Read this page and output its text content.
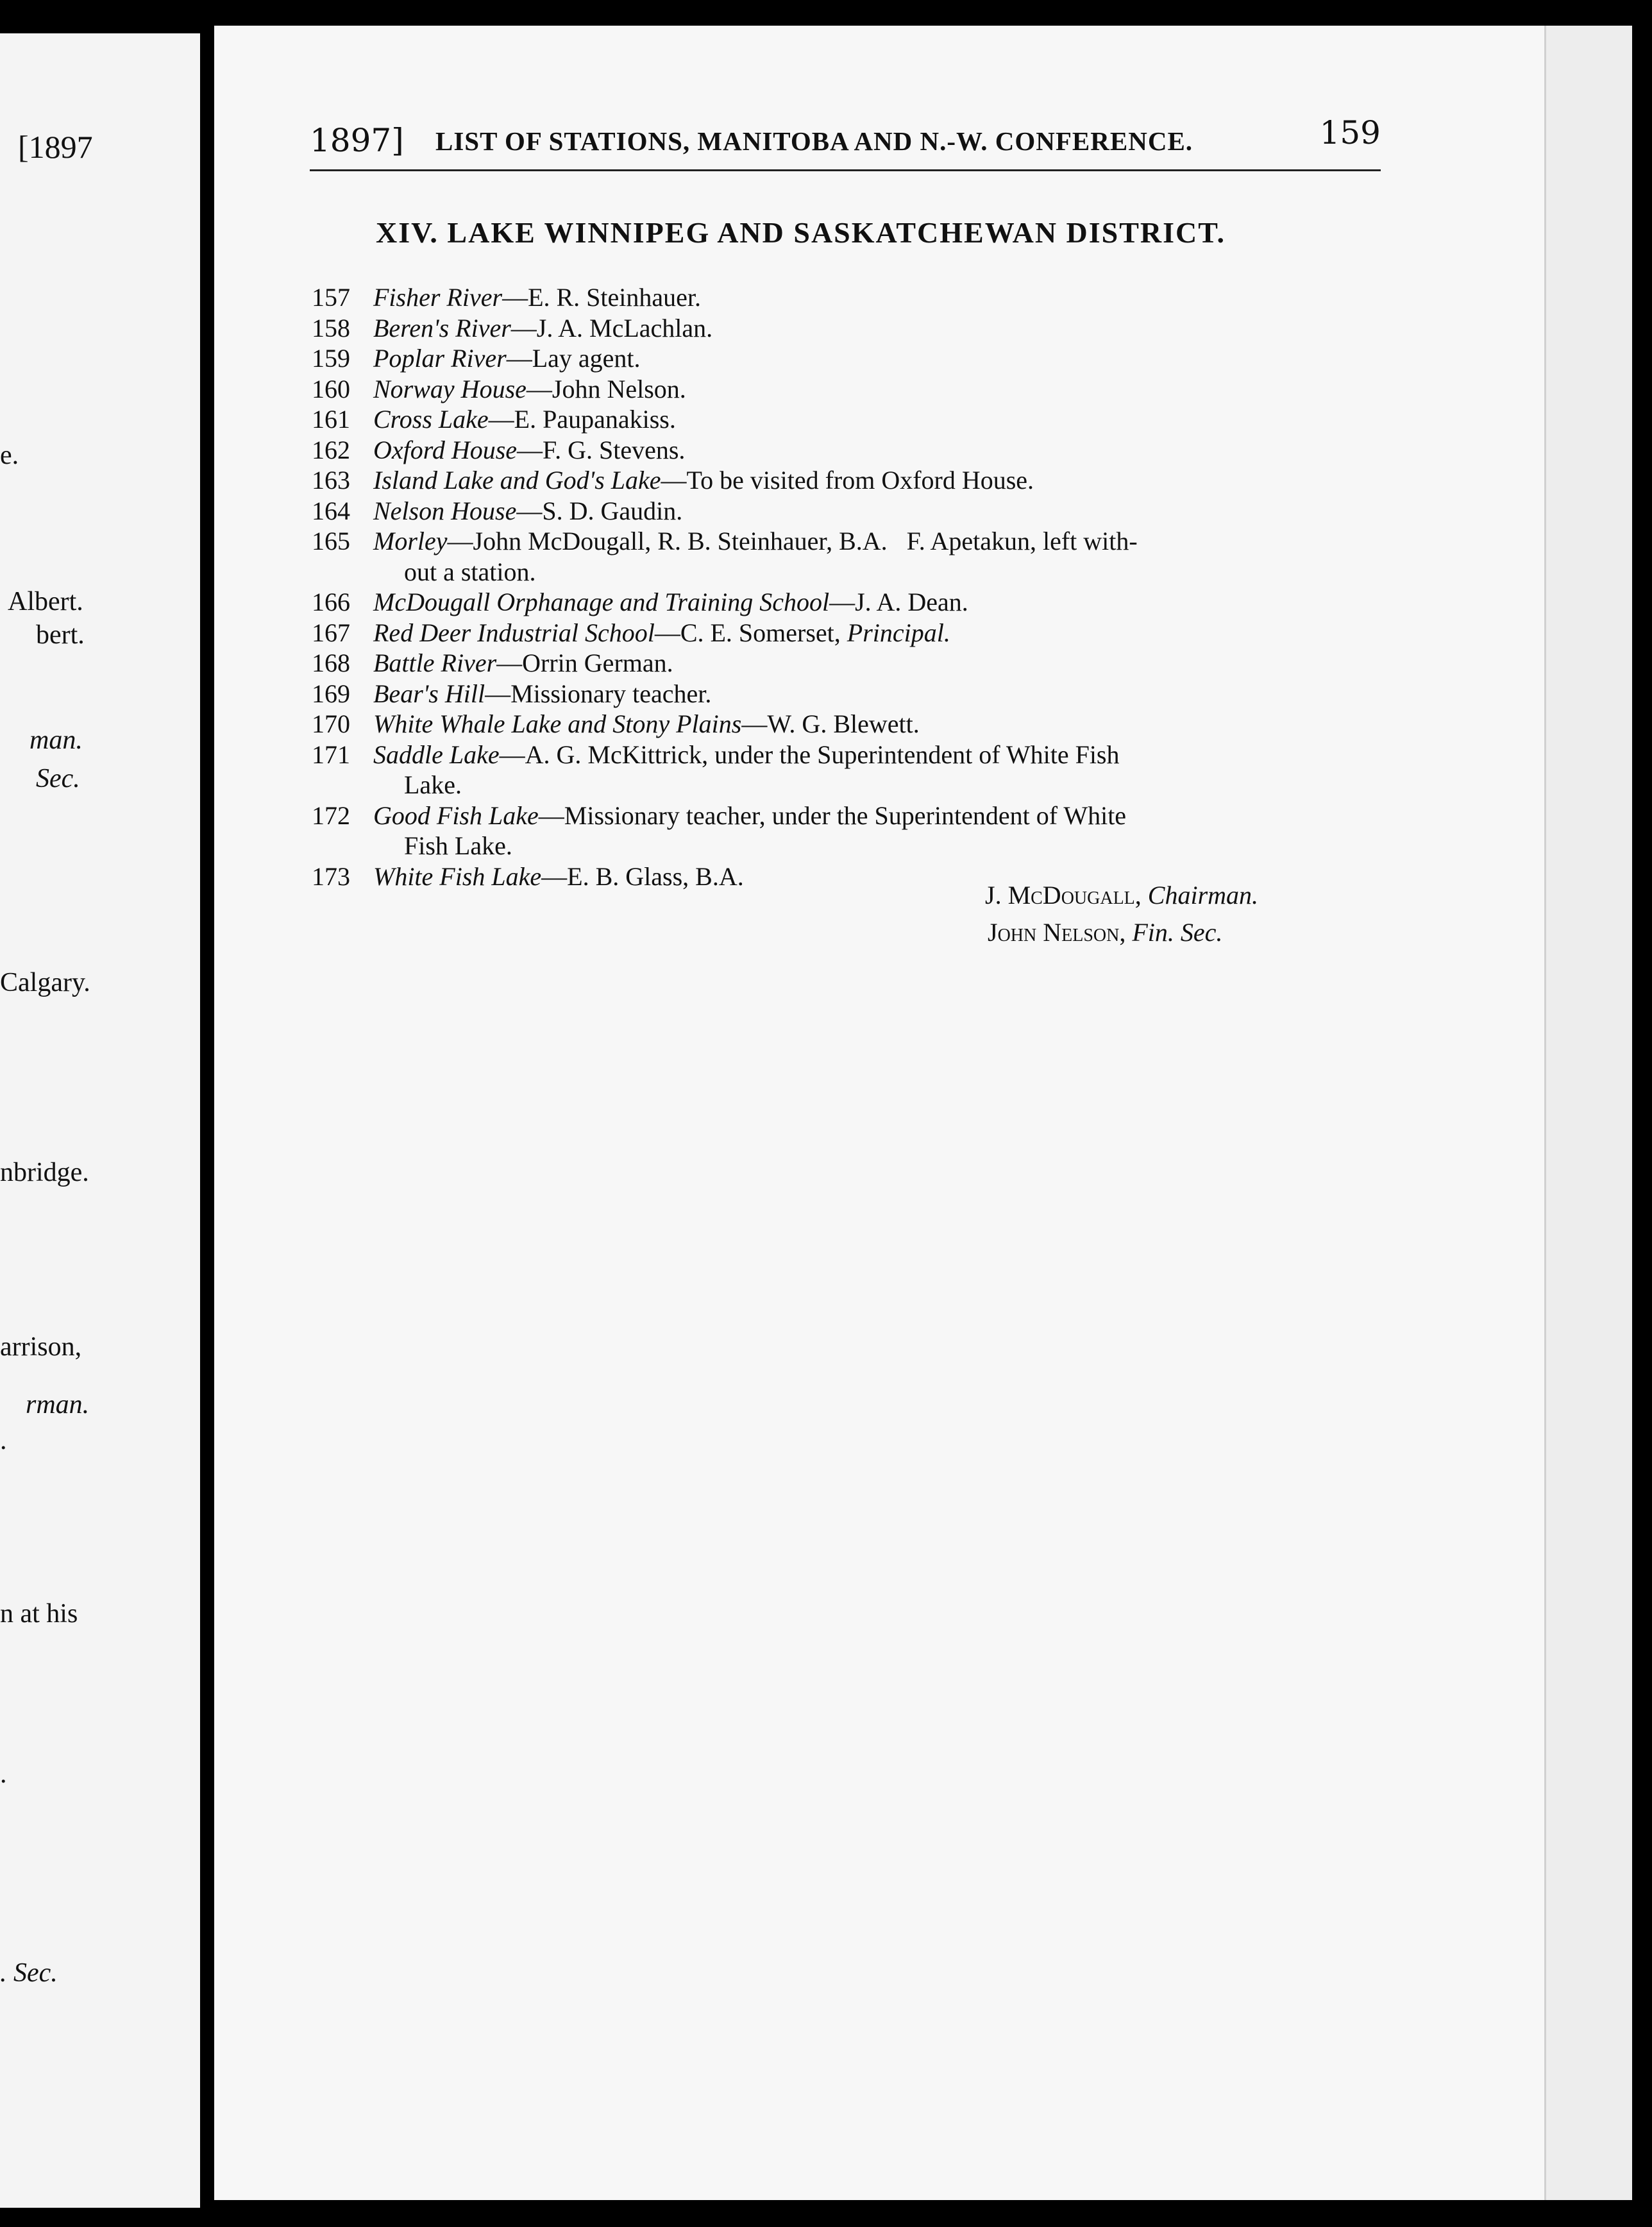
[1897
e.
Albert.
bert.
man.
Sec.
Calgary.
nbridge.
arrison,
rman.
.
n at his
.
. Sec.
1897] LIST OF STATIONS, MANITOBA AND N.-W. CONFERENCE.	159
XIV. LAKE WINNIPEG AND SASKATCHEWAN DISTRICT.
157 Fisher River—E. R. Steinhauer.
158 Beren's River—J. A. McLachlan.
159 Poplar River—Lay agent.
160 Norway House—John Nelson.
161 Cross Lake—E. Paupanakiss.
162 Oxford House—F. G. Stevens.
163 Island Lake and God's Lake—To be visited from Oxford House.
164 Nelson House—S. D. Gaudin.
165 Morley—John McDougall, R. B. Steinhauer, B.A.   F. Apetakun, left with-
out a station.
166 McDougall Orphanage and Training School—J. A. Dean.
167 Red Deer Industrial School—C. E. Somerset, Principal.
168 Battle River—Orrin German.
169 Bear's Hill—Missionary teacher.
170 White Whale Lake and Stony Plains—W. G. Blewett.
171 Saddle Lake—A. G. McKittrick, under the Superintendent of White Fish
Lake.
172 Good Fish Lake—Missionary teacher, under the Superintendent of White
Fish Lake.
173 White Fish Lake—E. B. Glass, B.A.
J. McDougall, Chairman.
John Nelson, Fin. Sec.
